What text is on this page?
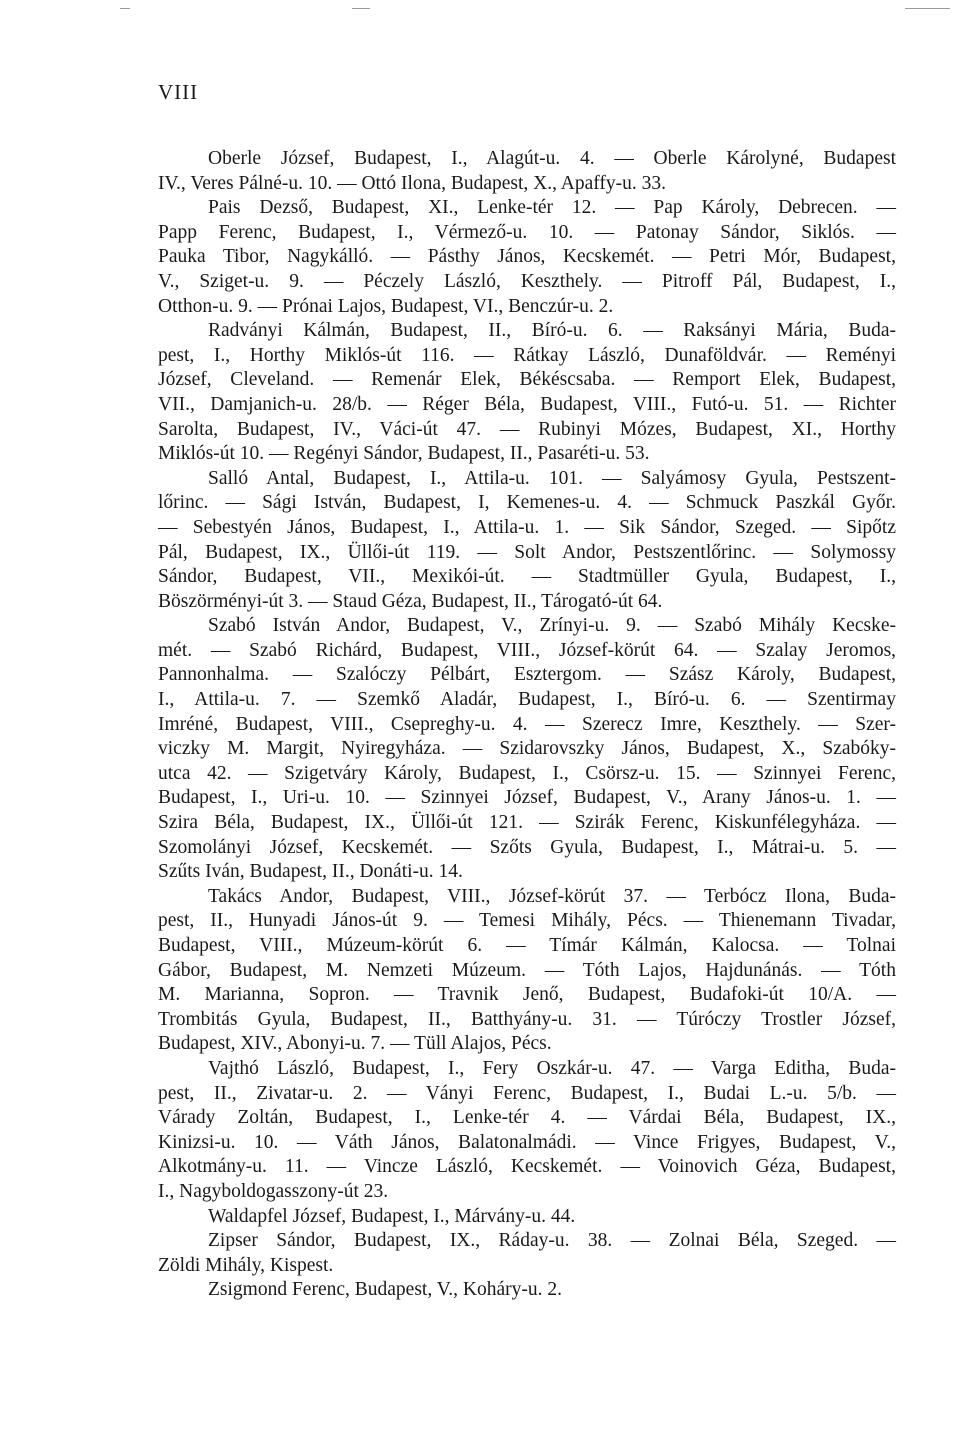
VIII
Oberle József, Budapest, I., Alagút-u. 4. — Oberle Károlyné, Budapest
IV., Veres Pálné-u. 10. — Ottó Ilona, Budapest, X., Apaffy-u. 33.
Pais Dezső, Budapest, XI., Lenke-tér 12. — Pap Károly, Debrecen. —
Papp Ferenc, Budapest, I., Vérmező-u. 10. — Patonay Sándor, Siklós. —
Pauka Tibor, Nagykálló. — Pásthy János, Kecskemét. — Petri Mór, Budapest,
V., Sziget-u. 9. — Péczely László, Keszthely. — Pitroff Pál, Budapest, I.,
Otthon-u. 9. — Prónai Lajos, Budapest, VI., Benczúr-u. 2.
Radványi Kálmán, Budapest, II., Bíró-u. 6. — Raksányi Mária, Buda-
pest, I., Horthy Miklós-út 116. — Rátkay László, Dunaföldvár. — Reményi
József, Cleveland. — Remenár Elek, Békéscsaba. — Remport Elek, Budapest,
VII., Damjanich-u. 28/b. — Réger Béla, Budapest, VIII., Futó-u. 51. — Richter
Sarolta, Budapest, IV., Váci-út 47. — Rubinyi Mózes, Budapest, XI., Horthy
Miklós-út 10. — Regényi Sándor, Budapest, II., Pasaréti-u. 53.
Salló Antal, Budapest, I., Attila-u. 101. — Salyámosy Gyula, Pestszent-
lőrinc. — Sági István, Budapest, I, Kemenes-u. 4. — Schmuck Paszkál Győr.
— Sebestyén János, Budapest, I., Attila-u. 1. — Sik Sándor, Szeged. — Sipőtz
Pál, Budapest, IX., Üllői-út 119. — Solt Andor, Pestszentlőrinc. — Solymossy
Sándor, Budapest, VII., Mexikói-út. — Stadtmüller Gyula, Budapest, I.,
Böszörményi-út 3. — Staud Géza, Budapest, II., Tárogató-út 64.
Szabó István Andor, Budapest, V., Zrínyi-u. 9. — Szabó Mihály Kecske-
mét. — Szabó Richárd, Budapest, VIII., József-körút 64. — Szalay Jeromos,
Pannonhalma. — Szalóczy Pélbárt, Esztergom. — Szász Károly, Budapest,
I., Attila-u. 7. — Szemkő Aladár, Budapest, I., Bíró-u. 6. — Szentirmay
Imréné, Budapest, VIII., Csepreghy-u. 4. — Szerecz Imre, Keszthely. — Szer-
viczky M. Margit, Nyiregyháza. — Szidarovszky János, Budapest, X., Szabóky-
utca 42. — Szigetváry Károly, Budapest, I., Csörsz-u. 15. — Szinnyei Ferenc,
Budapest, I., Uri-u. 10. — Szinnyei József, Budapest, V., Arany János-u. 1. —
Szira Béla, Budapest, IX., Üllői-út 121. — Szirák Ferenc, Kiskunfélegyháza. —
Szomolányi József, Kecskemét. — Szőts Gyula, Budapest, I., Mátrai-u. 5. —
Szűts Iván, Budapest, II., Donáti-u. 14.
Takács Andor, Budapest, VIII., József-körút 37. — Terbócz Ilona, Buda-
pest, II., Hunyadi János-út 9. — Temesi Mihály, Pécs. — Thienemann Tivadar,
Budapest, VIII., Múzeum-körút 6. — Tímár Kálmán, Kalocsa. — Tolnai
Gábor, Budapest, M. Nemzeti Múzeum. — Tóth Lajos, Hajdunánás. — Tóth
M. Marianna, Sopron. — Travnik Jenő, Budapest, Budafoki-út 10/A. —
Trombitás Gyula, Budapest, II., Batthyány-u. 31. — Túróczy Trostler József,
Budapest, XIV., Abonyi-u. 7. — Tüll Alajos, Pécs.
Vajthó László, Budapest, I., Fery Oszkár-u. 47. — Varga Editha, Buda-
pest, II., Zivatar-u. 2. — Ványi Ferenc, Budapest, I., Budai L.-u. 5/b. —
Várady Zoltán, Budapest, I., Lenke-tér 4. — Várdai Béla, Budapest, IX.,
Kinizsi-u. 10. — Váth János, Balatonalmádi. — Vince Frigyes, Budapest, V.,
Alkotmány-u. 11. — Vincze László, Kecskemét. — Voinovich Géza, Budapest,
I., Nagyboldogasszony-út 23.
Waldapfel József, Budapest, I., Márvány-u. 44.
Zipser Sándor, Budapest, IX., Ráday-u. 38. — Zolnai Béla, Szeged. —
Zöldi Mihály, Kispest.
Zsigmond Ferenc, Budapest, V., Koháry-u. 2.
